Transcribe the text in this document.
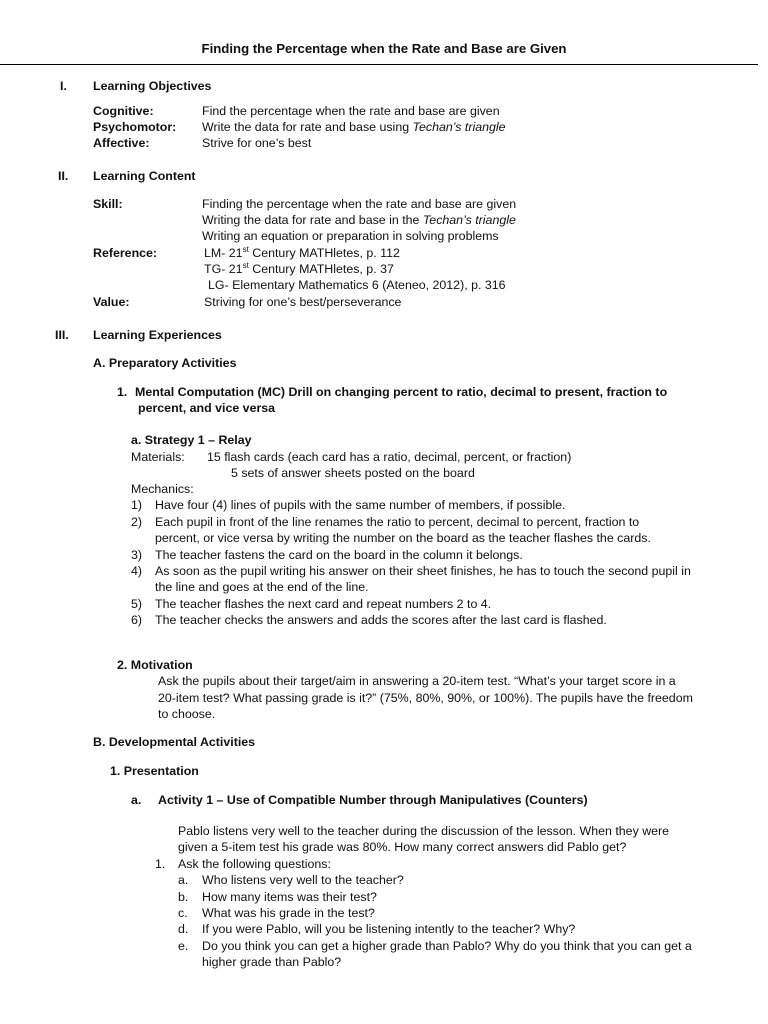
Finding the Percentage when the Rate and Base are Given
I. Learning Objectives
Cognitive:	Find the percentage when the rate and base are given
Psychomotor: Write the data for rate and base using Techan’s triangle
Affective:	Strive for one’s best
II. Learning Content
Skill:	Finding the percentage when the rate and base are given
Writing the data for rate and base in the Techan’s triangle
Writing an equation or preparation in solving problems
Reference:	LM- 21st Century MATHletes, p. 112
TG- 21st Century MATHletes, p. 37
LG- Elementary Mathematics 6 (Ateneo, 2012), p. 316
Value:	Striving for one’s best/perseverance
III. Learning Experiences
A. Preparatory Activities
1. Mental Computation (MC) Drill on changing percent to ratio, decimal to present, fraction to
percent, and vice versa
a. Strategy 1 – Relay
Materials: 15 flash cards (each card has a ratio, decimal, percent, or fraction)
5 sets of answer sheets posted on the board
Mechanics:
1) Have four (4) lines of pupils with the same number of members, if possible.
2) Each pupil in front of the line renames the ratio to percent, decimal to percent, fraction to
percent, or vice versa by writing the number on the board as the teacher flashes the cards.
3) The teacher fastens the card on the board in the column it belongs.
4) As soon as the pupil writing his answer on their sheet finishes, he has to touch the second pupil in
the line and goes at the end of the line.
5) The teacher flashes the next card and repeat numbers 2 to 4.
6) The teacher checks the answers and adds the scores after the last card is flashed.
2. Motivation
Ask the pupils about their target/aim in answering a 20-item test. “What’s your target score in a
20-item test? What passing grade is it?” (75%, 80%, 90%, or 100%). The pupils have the freedom
to choose.
B. Developmental Activities
1. Presentation
a. Activity 1 – Use of Compatible Number through Manipulatives (Counters)
Pablo listens very well to the teacher during the discussion of the lesson. When they were
given a 5-item test his grade was 80%. How many correct answers did Pablo get?
1. Ask the following questions:
a. Who listens very well to the teacher?
b. How many items was their test?
c. What was his grade in the test?
d. If you were Pablo, will you be listening intently to the teacher? Why?
e. Do you think you can get a higher grade than Pablo? Why do you think that you can get a
higher grade than Pablo?
